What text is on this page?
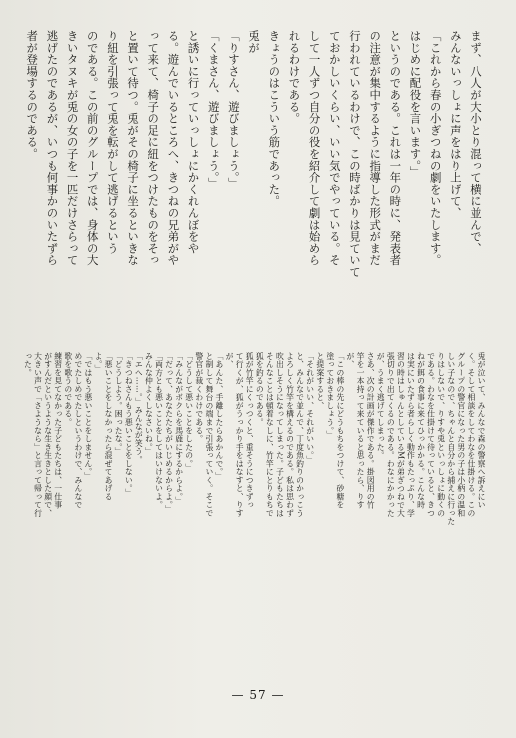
まず、八人が大小とり混って横に並んで、
みんないっしょに声をはり上げて、
「これから春の小ぎつねの劇をいたします。
はじめに配役を言います。」
というのである。これは一年の時に、発表者
の注意が集中するように指導した形式がまだ
行われているわけで、この時ばかりは見ていて
ておかしいくらい、いい気でやっている。そ
して一人ずつ自分の役を紹介して劇は始めら
れるわけである。
きょうのはこういう筋であった。
兎が
「りすさん、遊びましょう。」
「くまさん、遊びましょう。」
と誘いに行っていっしょにかくれんぼをや
る。遊んでいるところへ、きつねの兄弟がや
って来て、椅子の足に紐をつけたものをそっ
と置いて待つ。兎がその椅子に坐るといきな
り紐を引張って兎を転がして逃げるという
のである。この前のグループでは、身体の大
きいタヌキが兎の女の子を一匹だけさらって
逃げたのであるが、いつも何事かのいたずら
者が登場するのである。
兎が泣いて、みんなで森の警察へ訴えにい
く。そして相談をしてわなを仕掛ける。この
グループの警官になった男の子は小柄の温和
しい子なので、ちゃんと自分から捕えに行った
りはしないで、りすや兎といっしょに動くの
である。わなを仕掛けて待っていると、きつ
ねが餌の食事に来てひっかかる。こんな時
は実にいたずら者らしく動作もたっぷり、学
習の時はしゅんとしているMが弟ぎつねで大
張切りで出てくるのである。わなにかかった
が、うまく逃げてしまった。
さあ、次の計画が傑作である。掛図用の竹
竿を一本持って来ていると思ったら、りす
が、
「この棒の先にどうもちをつけて、砂糖を
塗っておきましょう。」
と提案すると、
「それがいい、それがいい。」
と、みんなで並んで、丁度魚釣りのかっこう
よろしく竹竿を構えるのである。私は思わず
吹出しそうになってしまった。子どもたちは
そんなことは頓着なしに、竹竿にとりもちで
狐を釣るのである。
狐が竹竿にくっつくと、重そうにつきずっ
て行くが、狐がうっかり手をはなすと、りす
が、
「あんた、手離したらあかんで。」
と制して舞台の端まで引張っていく。そこで
警官が裁くわけである。
「どうして悪いことをしたの。」
「みんながボクらを馬鹿にするからよ。」
「だって、あなたたちがいじめるからよ。」
「両方とも悪いことをしてはいけないよ。
みんな仲よくしなさいね。」
「エへ……。」みんなが笑う。
「きつねさんもう悪いことをしない。」
「どうしよう。困ったな。」
「悪いことをしなかったら混ぜてあげる
よ。」
「ではもう悪いことをしません。」
めでたしめでたしというわけで、みんなで
歌を歌うのである。
練習を見てなかった子どもたちは、一仕事
がすんだというような生き生きとした顔で、
大きい声で「さようなら」と言って帰って行
った。
— 57 —
